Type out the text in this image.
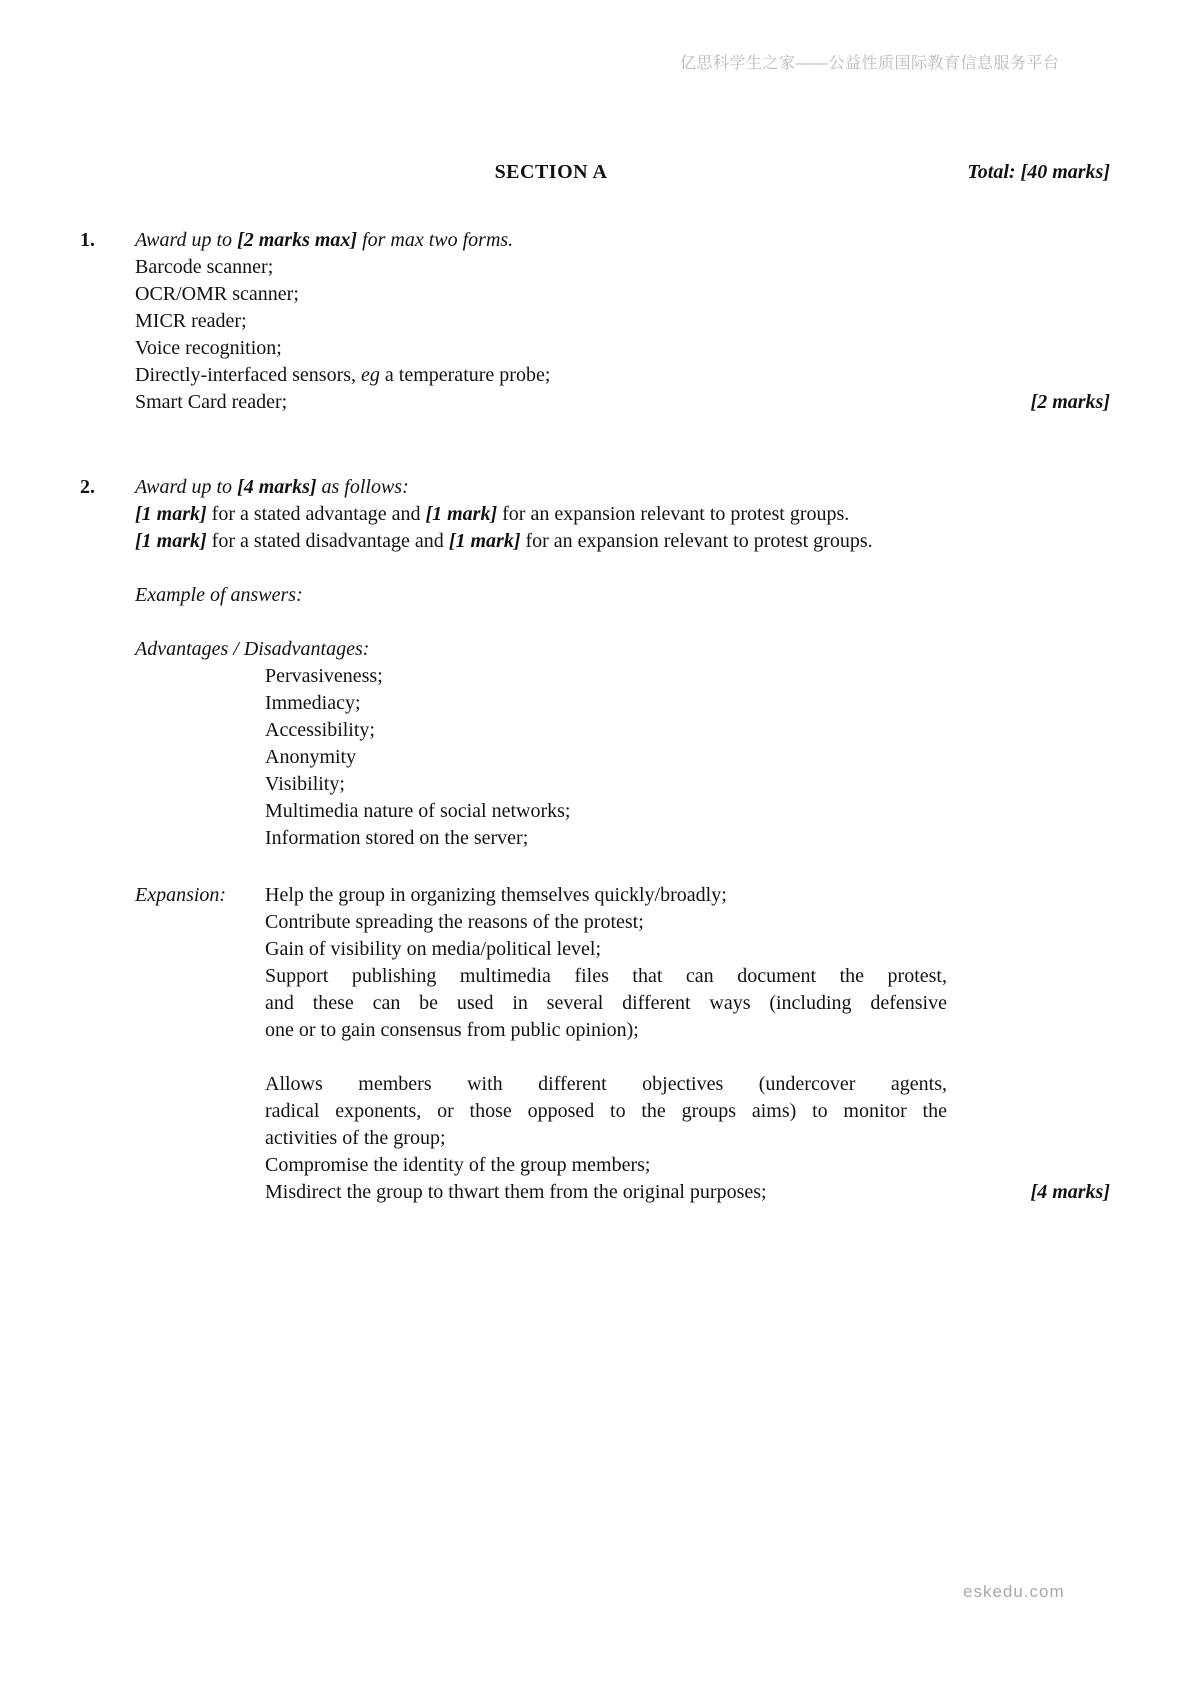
亿思科学生之家——公益性质国际教育信息服务平台
SECTION A	Total: [40 marks]
1.	Award up to [2 marks max] for max two forms.
Barcode scanner;
OCR/OMR scanner;
MICR reader;
Voice recognition;
Directly-interfaced sensors, eg a temperature probe;
Smart Card reader;	[2 marks]
2.	Award up to [4 marks] as follows:
[1 mark] for a stated advantage and [1 mark] for an expansion relevant to protest groups.
[1 mark] for a stated disadvantage and [1 mark] for an expansion relevant to protest groups.
Example of answers:
Advantages / Disadvantages:
Pervasiveness;
Immediacy;
Accessibility;
Anonymity
Visibility;
Multimedia nature of social networks;
Information stored on the server;
Expansion:	Help the group in organizing themselves quickly/broadly;
Contribute spreading the reasons of the protest;
Gain of visibility on media/political level;
Support publishing multimedia files that can document the protest,
and these can be used in several different ways (including defensive
one or to gain consensus from public opinion);
Allows members with different objectives (undercover agents,
radical exponents, or those opposed to the groups aims) to monitor the
activities of the group;
Compromise the identity of the group members;
Misdirect the group to thwart them from the original purposes;	[4 marks]
eskedu.com
